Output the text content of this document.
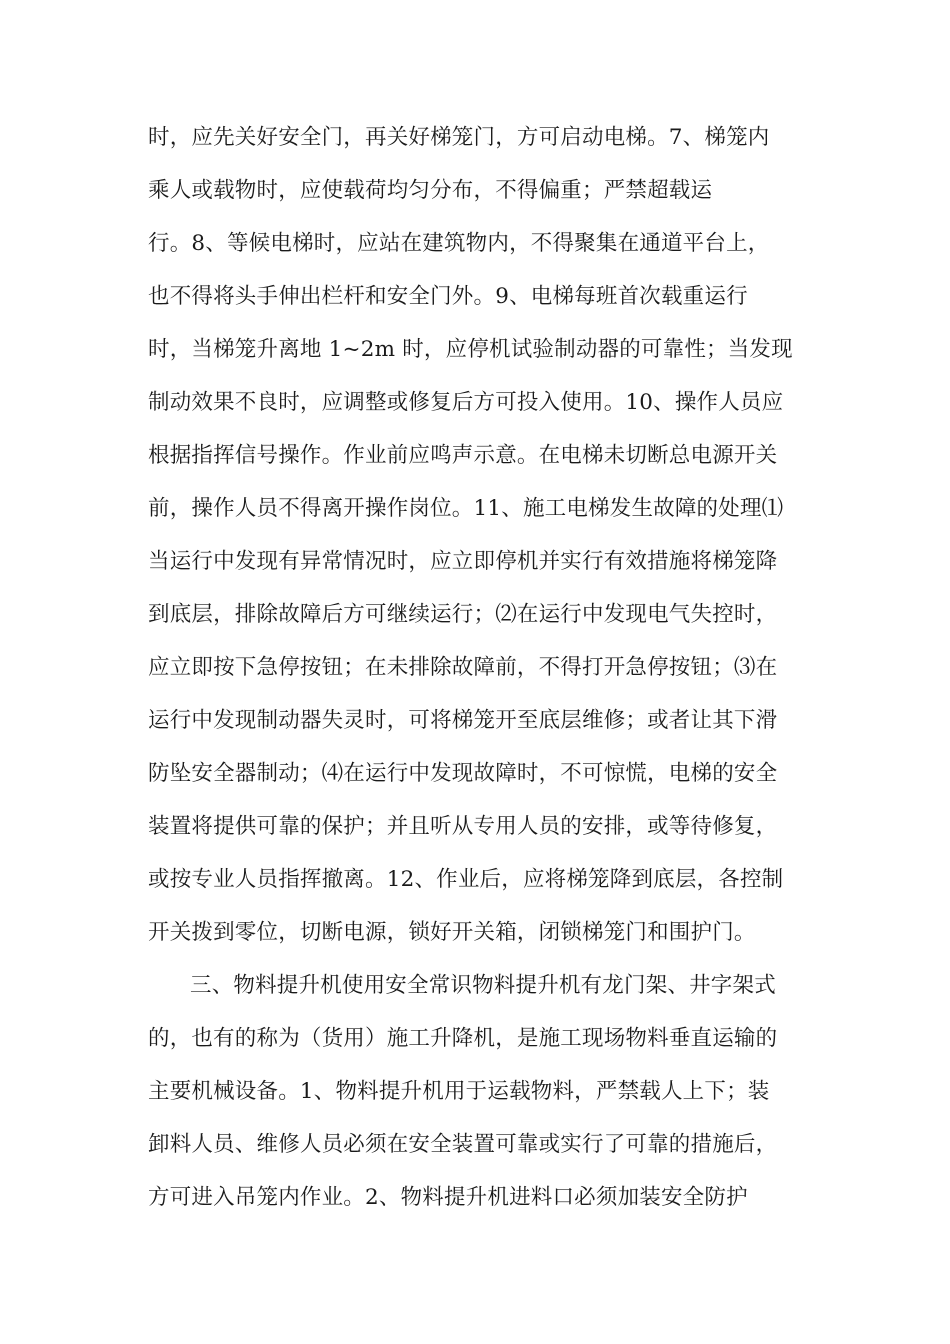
时，应先关好安全门，再关好梯笼门，方可启动电梯。7、梯笼内
乘人或载物时，应使载荷均匀分布，不得偏重；严禁超载运
行。8、等候电梯时，应站在建筑物内，不得聚集在通道平台上，
也不得将头手伸出栏杆和安全门外。9、电梯每班首次载重运行
时，当梯笼升离地 1~2m 时，应停机试验制动器的可靠性；当发现
制动效果不良时，应调整或修复后方可投入使用。10、操作人员应
根据指挥信号操作。作业前应鸣声示意。在电梯未切断总电源开关
前，操作人员不得离开操作岗位。11、施工电梯发生故障的处理⑴
当运行中发现有异常情况时，应立即停机并实行有效措施将梯笼降
到底层，排除故障后方可继续运行；⑵在运行中发现电气失控时，
应立即按下急停按钮；在未排除故障前，不得打开急停按钮；⑶在
运行中发现制动器失灵时，可将梯笼开至底层维修；或者让其下滑
防坠安全器制动；⑷在运行中发现故障时，不可惊慌，电梯的安全
装置将提供可靠的保护；并且听从专用人员的安排，或等待修复，
或按专业人员指挥撤离。12、作业后，应将梯笼降到底层，各控制
开关拨到零位，切断电源，锁好开关箱，闭锁梯笼门和围护门。
三、物料提升机使用安全常识物料提升机有龙门架、井字架式
的，也有的称为（货用）施工升降机，是施工现场物料垂直运输的
主要机械设备。1、物料提升机用于运载物料，严禁载人上下；装
卸料人员、维修人员必须在安全装置可靠或实行了可靠的措施后，
方可进入吊笼内作业。2、物料提升机进料口必须加装安全防护
